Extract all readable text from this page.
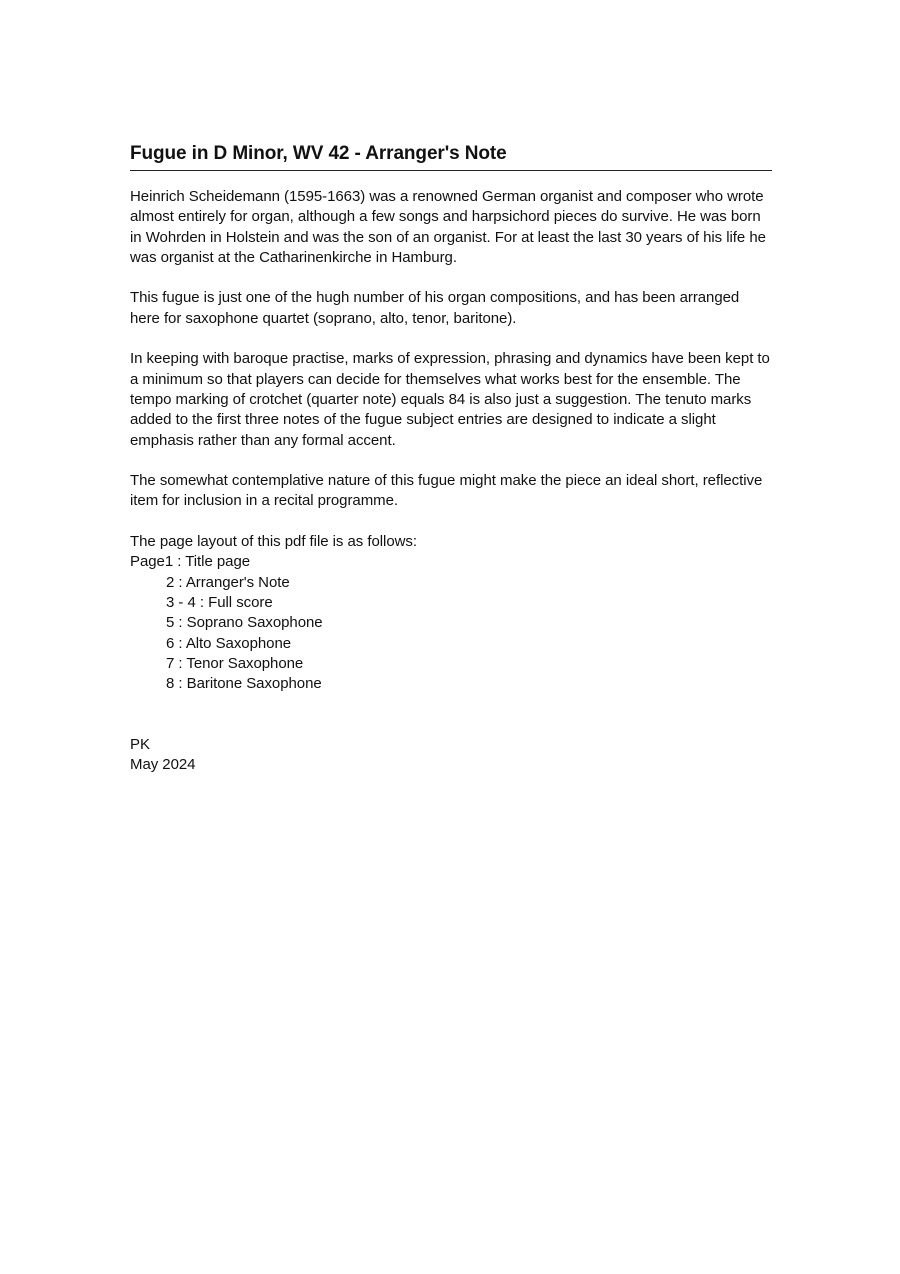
Fugue in D Minor, WV 42 - Arranger's Note

Heinrich Scheidemann (1595-1663) was a renowned German organist and composer who wrote almost entirely for organ, although a few songs and harpsichord pieces do survive. He was born in Wohrden in Holstein and was the son of an organist. For at least the last 30 years of his life he was organist at the Catharinenkirche in Hamburg.

This fugue is just one of the hugh number of his organ compositions, and has been arranged here for saxophone quartet (soprano, alto, tenor, baritone).

In keeping with baroque practise, marks of expression, phrasing and dynamics have been kept to a minimum so that players can decide for themselves what works best for the ensemble. The tempo marking of crotchet (quarter note) equals 84 is also just a suggestion. The tenuto marks added to the first three notes of the fugue subject entries are designed to indicate a slight emphasis rather than any formal accent.

The somewhat contemplative nature of this fugue might make the piece an ideal short, reflective item for inclusion in a recital programme.

The page layout of this pdf file is as follows:

Page 1 : Title page
2 : Arranger's Note
3 - 4 : Full score
5 : Soprano Saxophone
6 : Alto Saxophone
7 : Tenor Saxophone
8 : Baritone Saxophone
PK
May 2024
